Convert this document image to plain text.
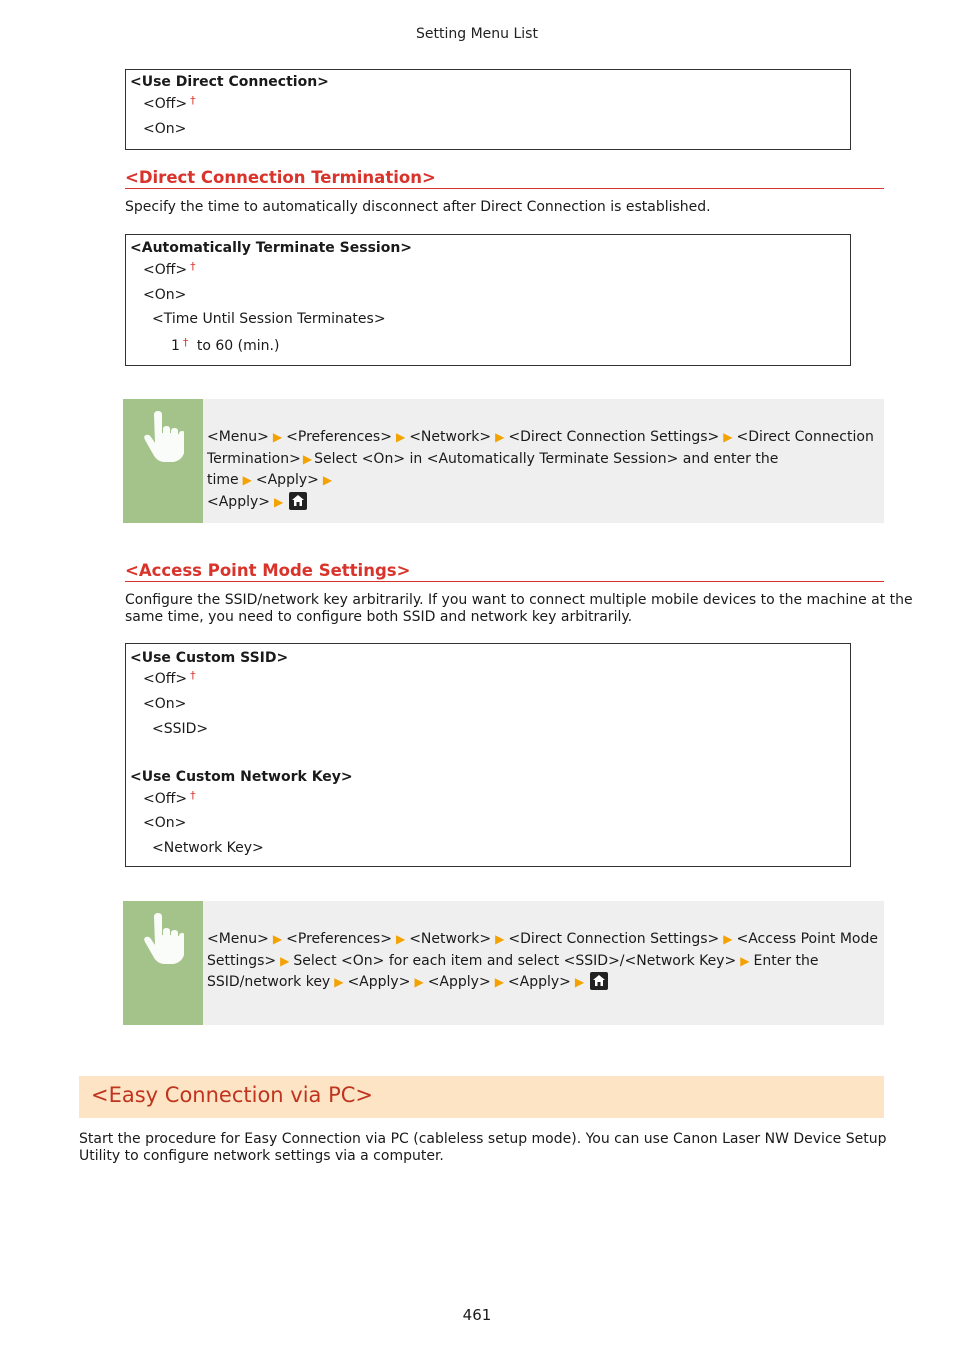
Setting Menu List
<Use Direct Connection>
<Off> †
<On>
<Direct Connection Termination>
Specify the time to automatically disconnect after Direct Connection is established.
<Automatically Terminate Session>
<Off> †
<On>
<Time Until Session Terminates>
1 † to 60 (min.)
<Menu> ▶ <Preferences> ▶ <Network> ▶ <Direct Connection Settings> ▶ <Direct Connection Termination> ▶ Select <On> in <Automatically Terminate Session> and enter the time ▶ <Apply> ▶
<Apply> ▶
<Access Point Mode Settings>
Configure the SSID/network key arbitrarily. If you want to connect multiple mobile devices to the machine at the
same time, you need to configure both SSID and network key arbitrarily.
<Use Custom SSID>
<Off> †
<On>
<SSID>
<Use Custom Network Key>
<Off> †
<On>
<Network Key>
<Menu> ▶ <Preferences> ▶ <Network> ▶ <Direct Connection Settings> ▶ <Access Point Mode Settings> ▶ Select <On> for each item and select <SSID>/<Network Key> ▶ Enter the SSID/network key ▶ <Apply> ▶ <Apply> ▶ <Apply> ▶
<Easy Connection via PC>
Start the procedure for Easy Connection via PC (cableless setup mode). You can use Canon Laser NW Device Setup
Utility to configure network settings via a computer.
461
